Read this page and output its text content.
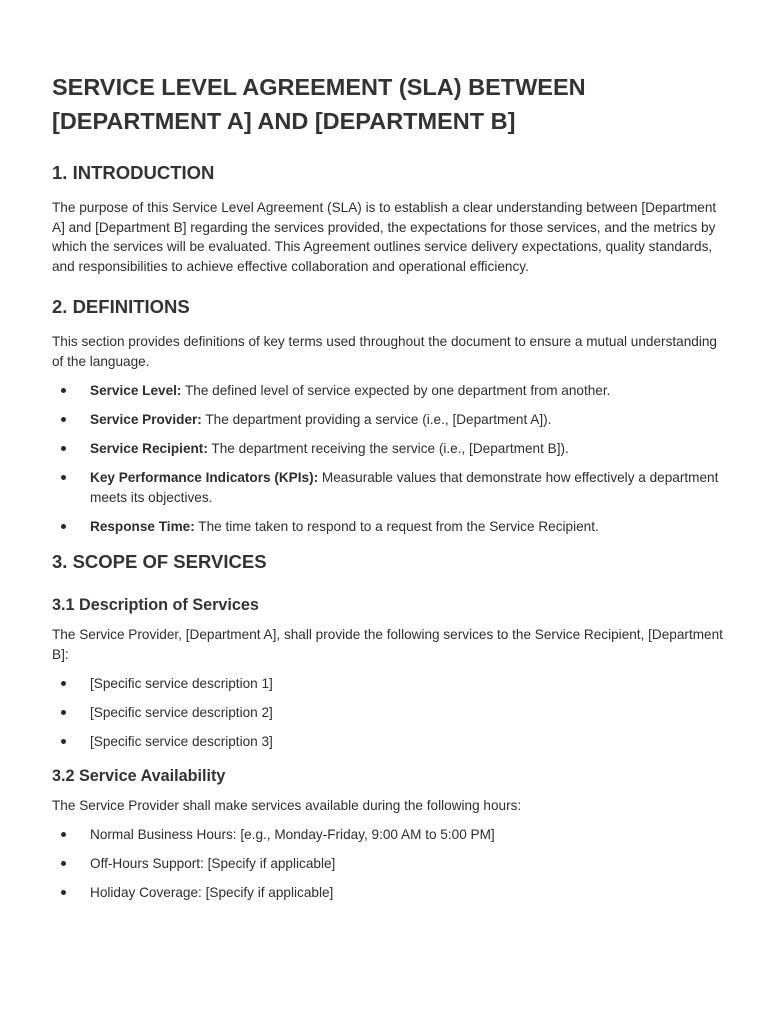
SERVICE LEVEL AGREEMENT (SLA) BETWEEN [DEPARTMENT A] AND [DEPARTMENT B]
1. INTRODUCTION

The purpose of this Service Level Agreement (SLA) is to establish a clear understanding between [Department A] and [Department B] regarding the services provided, the expectations for those services, and the metrics by which the services will be evaluated. This Agreement outlines service delivery expectations, quality standards, and responsibilities to achieve effective collaboration and operational efficiency.

2. DEFINITIONS

This section provides definitions of key terms used throughout the document to ensure a mutual understanding of the language.

Service Level: The defined level of service expected by one department from another.
Service Provider: The department providing a service (i.e., [Department A]).
Service Recipient: The department receiving the service (i.e., [Department B]).
Key Performance Indicators (KPIs): Measurable values that demonstrate how effectively a department meets its objectives.
Response Time: The time taken to respond to a request from the Service Recipient.
3. SCOPE OF SERVICES
3.1 Description of Services

The Service Provider, [Department A], shall provide the following services to the Service Recipient, [Department B]:

[Specific service description 1]
[Specific service description 2]
[Specific service description 3]
3.2 Service Availability

The Service Provider shall make services available during the following hours:

Normal Business Hours: [e.g., Monday-Friday, 9:00 AM to 5:00 PM]
Off-Hours Support: [Specify if applicable]
Holiday Coverage: [Specify if applicable]
